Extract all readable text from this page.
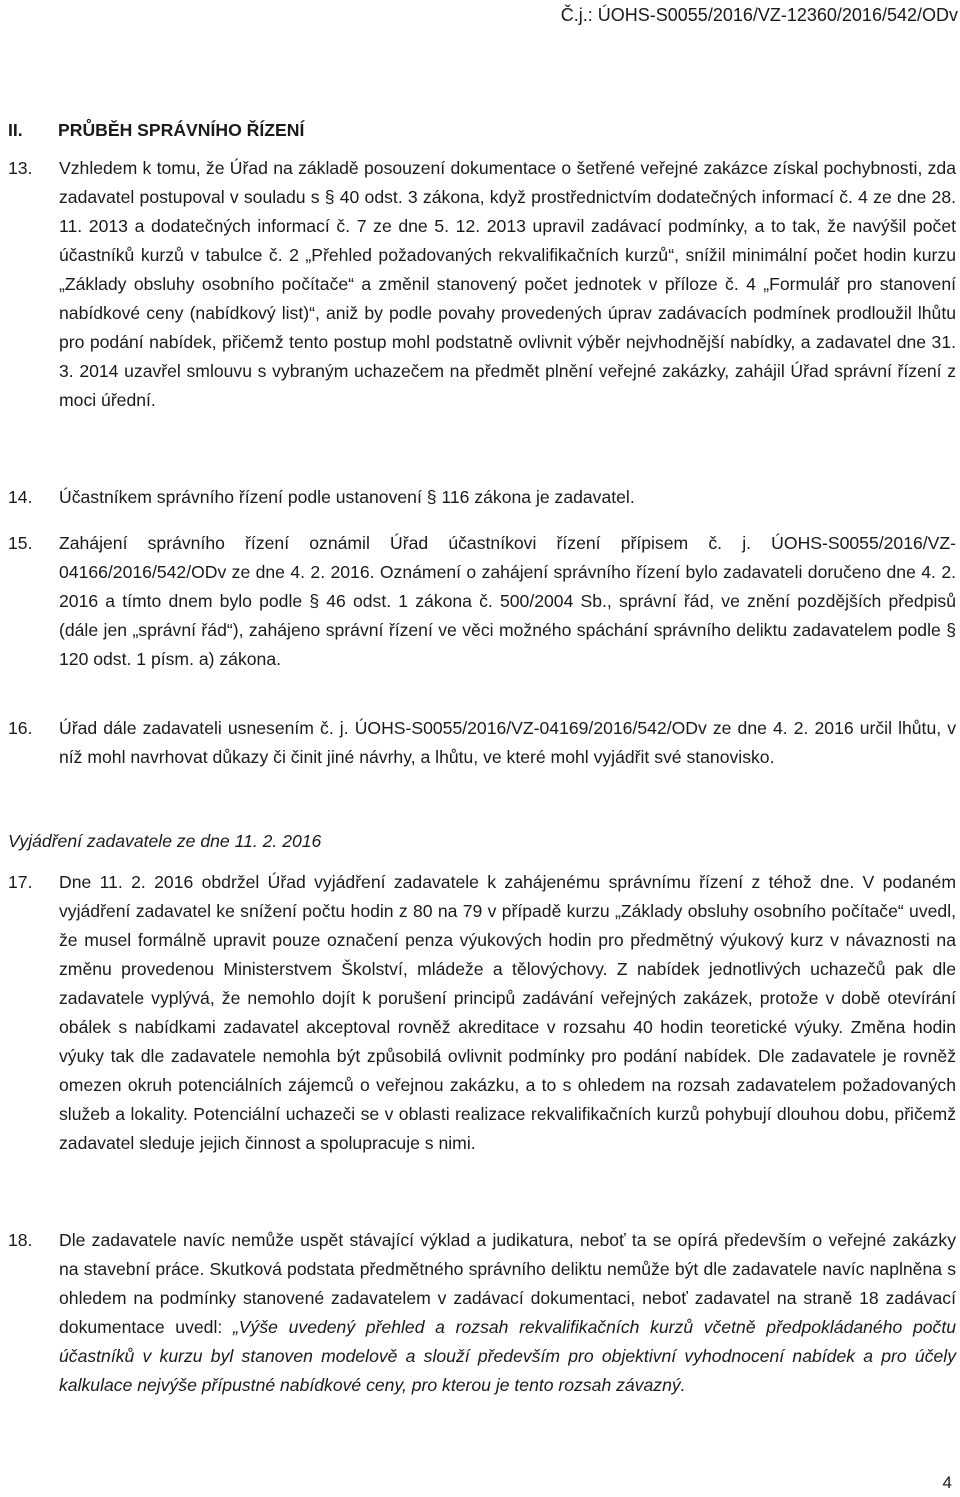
Č.j.: ÚOHS-S0055/2016/VZ-12360/2016/542/ODv
II. PRŮBĚH SPRÁVNÍHO ŘÍZENÍ
13.	Vzhledem k tomu, že Úřad na základě posouzení dokumentace o šetřené veřejné zakázce získal pochybnosti, zda zadavatel postupoval v souladu s § 40 odst. 3 zákona, když prostřednictvím dodatečných informací č. 4 ze dne 28. 11. 2013 a dodatečných informací č. 7 ze dne 5. 12. 2013 upravil zadávací podmínky, a to tak, že navýšil počet účastníků kurzů v tabulce č. 2 „Přehled požadovaných rekvalifikačních kurzů“, snížil minimální počet hodin kurzu „Základy obsluhy osobního počítače“ a změnil stanovený počet jednotek v příloze č. 4 „Formulář pro stanovení nabídkové ceny (nabídkový list)“, aniž by podle povahy provedených úprav zadávacích podmínek prodloužil lhůtu pro podání nabídek, přičemž tento postup mohl podstatně ovlivnit výběr nejvhodnější nabídky, a zadavatel dne 31. 3. 2014 uzavřel smlouvu s vybraným uchazečem na předmět plnění veřejné zakázky, zahájil Úřad správní řízení z moci úřední.
14.	Účastníkem správního řízení podle ustanovení § 116 zákona je zadavatel.
15.	Zahájení správního řízení oznámil Úřad účastníkovi řízení přípisem č. j. ÚOHS-S0055/2016/VZ-04166/2016/542/ODv ze dne 4. 2. 2016. Oznámení o zahájení správního řízení bylo zadavateli doručeno dne 4. 2. 2016 a tímto dnem bylo podle § 46 odst. 1 zákona č. 500/2004 Sb., správní řád, ve znění pozdějších předpisů (dále jen „správní řád“), zahájeno správní řízení ve věci možného spáchání správního deliktu zadavatelem podle § 120 odst. 1 písm. a) zákona.
16.	Úřad dále zadavateli usnesením č. j. ÚOHS-S0055/2016/VZ-04169/2016/542/ODv ze dne 4. 2. 2016 určil lhůtu, v níž mohl navrhovat důkazy či činit jiné návrhy, a lhůtu, ve které mohl vyjádřit své stanovisko.
Vyjádření zadavatele ze dne 11. 2. 2016
17.	Dne 11. 2. 2016 obdržel Úřad vyjádření zadavatele k zahájenému správnímu řízení z téhož dne. V podaném vyjádření zadavatel ke snížení počtu hodin z 80 na 79 v případě kurzu „Základy obsluhy osobního počítače“ uvedl, že musel formálně upravit pouze označení penza výukových hodin pro předmětný výukový kurz v návaznosti na změnu provedenou Ministerstvem Školství, mládeže a tělovýchovy. Z nabídek jednotlivých uchazečů pak dle zadavatele vyplývá, že nemohlo dojít k porušení principů zadávání veřejných zakázek, protože v době otevírání obálek s nabídkami zadavatel akceptoval rovněž akreditace v rozsahu 40 hodin teoretické výuky. Změna hodin výuky tak dle zadavatele nemohla být způsobilá ovlivnit podmínky pro podání nabídek. Dle zadavatele je rovněž omezen okruh potenciálních zájemců o veřejnou zakázku, a to s ohledem na rozsah zadavatelem požadovaných služeb a lokality. Potenciální uchazeči se v oblasti realizace rekvalifikačních kurzů pohybují dlouhou dobu, přičemž zadavatel sleduje jejich činnost a spolupracuje s nimi.
18.	Dle zadavatele navíc nemůže uspět stávající výklad a judikatura, neboť ta se opírá především o veřejné zakázky na stavební práce. Skutková podstata předmětného správního deliktu nemůže být dle zadavatele navíc naplněna s ohledem na podmínky stanovené zadavatelem v zadávací dokumentaci, neboť zadavatel na straně 18 zadávací dokumentace uvedl: „Výše uvedený přehled a rozsah rekvalifikačních kurzů včetně předpokládaného počtu účastníků v kurzu byl stanoven modelově a slouží především pro objektivní vyhodnocení nabídek a pro účely kalkulace nejvýše přípustné nabídkové ceny, pro kterou je tento rozsah závazný.
4
